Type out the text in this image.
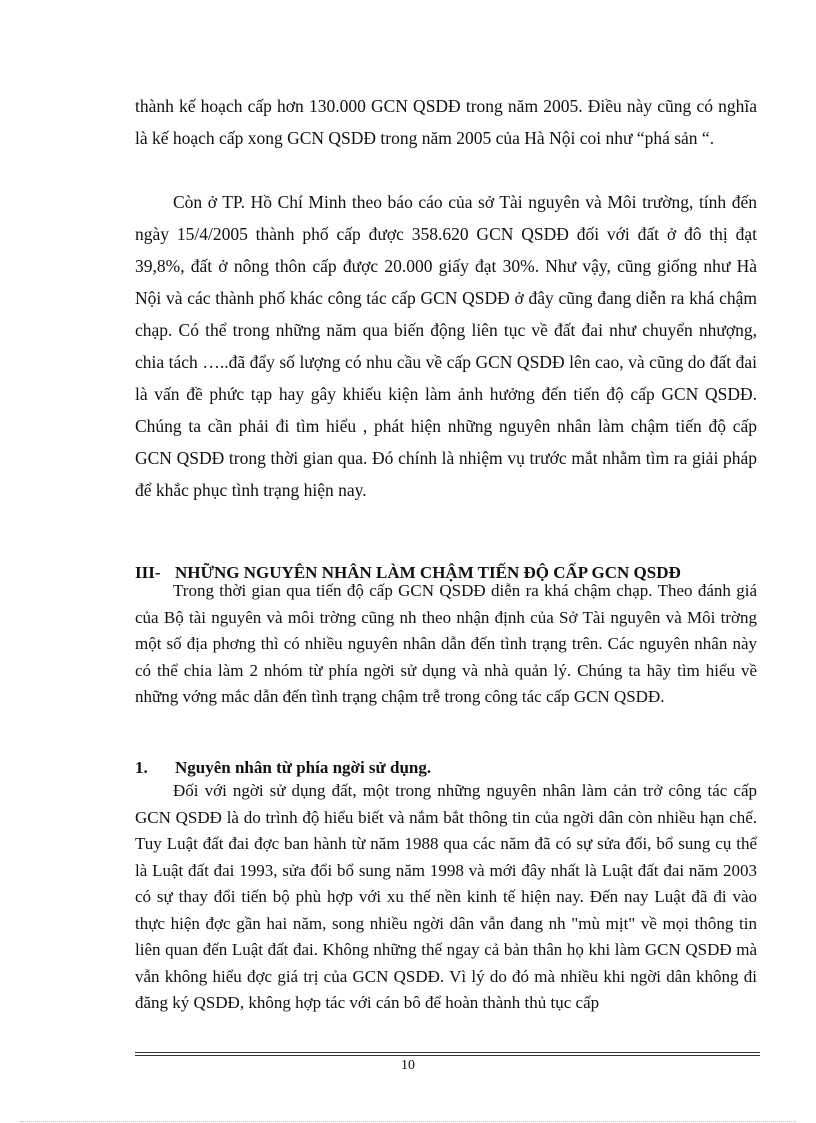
thành kế hoạch cấp hơn 130.000 GCN QSDĐ trong năm 2005. Điều này cũng có nghĩa là kế hoạch cấp xong GCN QSDĐ trong năm 2005 của Hà Nội coi như “phá sản “.

Còn ở TP. Hồ Chí Minh theo báo cáo của sở Tài nguyên và Môi trường, tính đến ngày 15/4/2005 thành phố cấp được 358.620 GCN QSDĐ đối với đất ở đô thị đạt 39,8%, đất ở nông thôn cấp được 20.000 giấy đạt 30%. Như vậy, cũng giống như Hà Nội và các thành phố khác công tác cấp GCN QSDĐ ở đây cũng đang diễn ra khá chậm chạp. Có thể trong những năm qua biến động liên tục về đất đai như chuyển nhượng, chia tách …..đã đẩy số lượng có nhu cầu về cấp GCN QSDĐ lên cao, và cũng do đất đai là vấn đề phức tạp hay gây khiếu kiện làm ảnh hưởng đến tiến độ cấp GCN QSDĐ. Chúng ta cần phải đi tìm hiểu , phát hiện những nguyên nhân làm chậm tiến độ cấp GCN QSDĐ trong thời gian qua. Đó chính là nhiệm vụ trước mắt nhằm tìm ra giải pháp để khắc phục tình trạng hiện nay.

III- NHỮNG NGUYÊN NHÂN LÀM CHẬM TIẾN ĐỘ CẤP GCN QSDĐ

Trong thời gian qua tiến độ cấp GCN QSDĐ diễn ra khá chậm chạp. Theo đánh giá của Bộ tài nguyên và môi trờng cũng nh theo nhận định của Sở Tài nguyên và Môi trờng một số địa phơng thì có nhiều nguyên nhân dẫn đến tình trạng trên. Các nguyên nhân này có thể chia làm 2 nhóm từ phía ngời sử dụng và nhà quản lý. Chúng ta hãy tìm hiểu về những vớng mắc dẫn đến tình trạng chậm trễ trong công tác cấp GCN QSDĐ.

1. Nguyên nhân từ phía ngời sử dụng.

Đối với ngời sử dụng đất, một trong những nguyên nhân làm cản trở công tác cấp GCN QSDĐ là do trình độ hiểu biết và nắm bắt thông tin của ngời dân còn nhiều hạn chế. Tuy Luật đất đai đợc ban hành từ năm 1988 qua các năm đã có sự sửa đổi, bổ sung cụ thể là Luật đất đai 1993, sửa đổi bổ sung năm 1998 và mới đây nhất là Luật đất đai năm 2003 có sự thay đổi tiến bộ phù hợp với xu thế nền kinh tế hiện nay. Đến nay Luật đã đi vào thực hiện đợc gần hai năm, song nhiều ngời dân vẫn đang nh "mù mịt" về mọi thông tin liên quan đến Luật đất đai. Không những thế ngay cả bản thân họ khi làm GCN QSDĐ mà vẫn không hiểu đợc giá trị của GCN QSDĐ. Vì lý do đó mà nhiều khi ngời dân không đi đăng ký QSDĐ, không hợp tác với cán bô để hoàn thành thủ tục cấp

10
